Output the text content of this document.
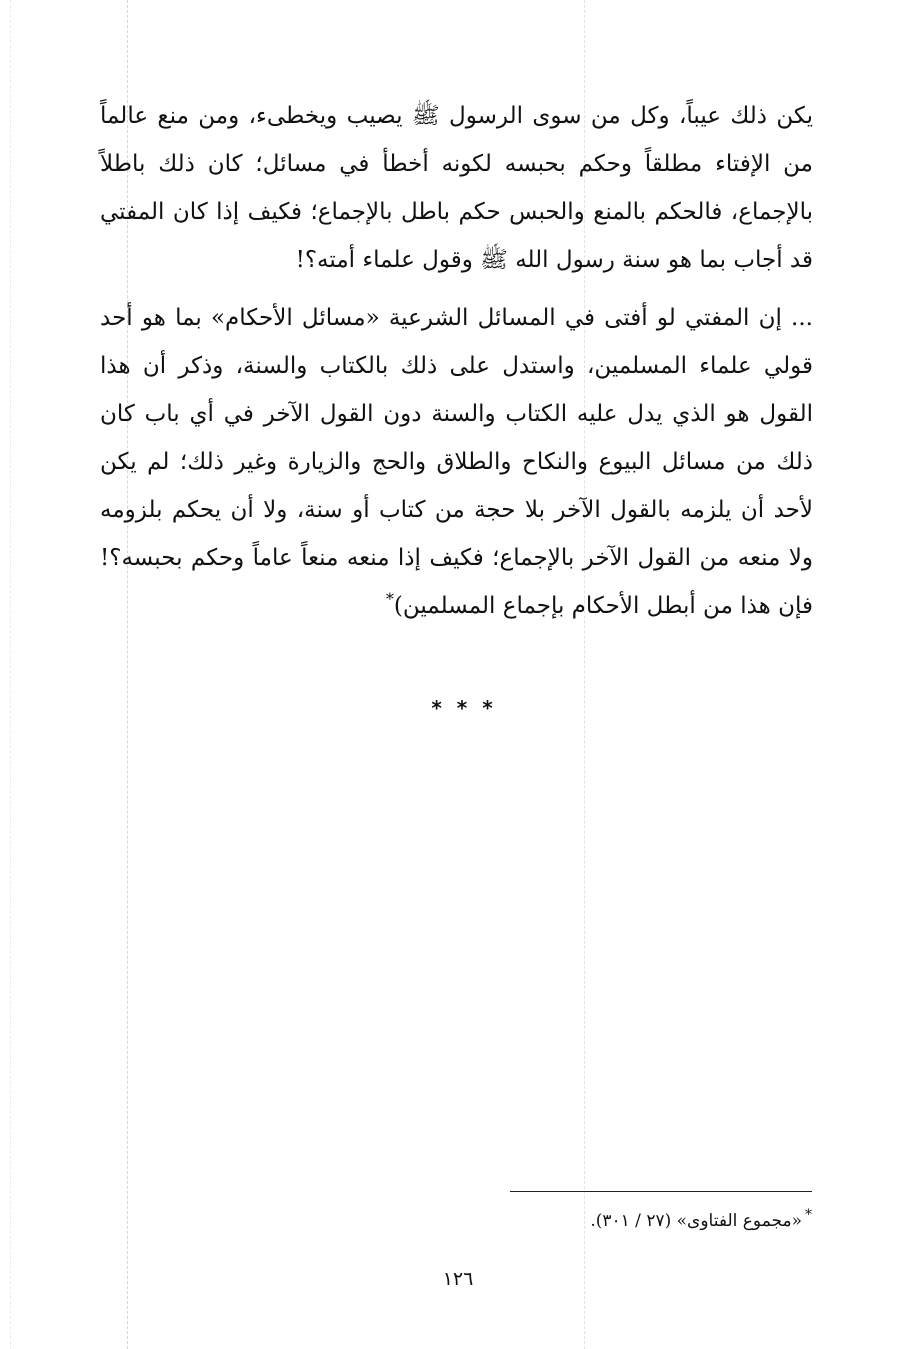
يكن ذلك عيباً، وكل من سوى الرسول ﷺ يصيب ويخطىء، ومن منع عالماً من الإفتاء مطلقاً وحكم بحبسه لكونه أخطأ في مسائل؛ كان ذلك باطلاً بالإجماع، فالحكم بالمنع والحبس حكم باطل بالإجماع؛ فكيف إذا كان المفتي قد أجاب بما هو سنة رسول الله ﷺ وقول علماء أمته؟!

... إن المفتي لو أفتى في المسائل الشرعية «مسائل الأحكام» بما هو أحد قولي علماء المسلمين، واستدل على ذلك بالكتاب والسنة، وذكر أن هذا القول هو الذي يدل عليه الكتاب والسنة دون القول الآخر في أي باب كان ذلك من مسائل البيوع والنكاح والطلاق والحج والزيارة وغير ذلك؛ لم يكن لأحد أن يلزمه بالقول الآخر بلا حجة من كتاب أو سنة، ولا أن يحكم بلزومه ولا منعه من القول الآخر بالإجماع؛ فكيف إذا منعه منعاً عاماً وحكم بحبسه؟! فإن هذا من أبطل الأحكام بإجماع المسلمين)*

* * *
*«مجموع الفتاوى» (٢٧ / ٣٠١).
١٢٦
